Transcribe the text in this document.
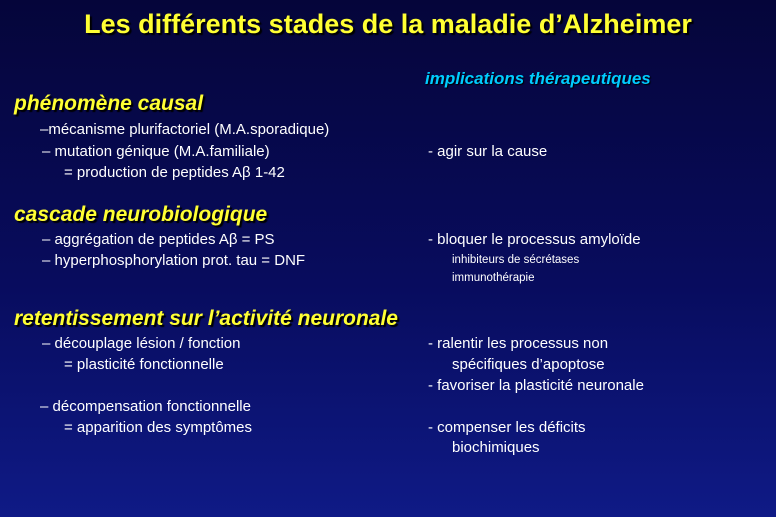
Les différents stades de la maladie d’Alzheimer
implications thérapeutiques
phénomène causal
–mécanisme plurifactoriel (M.A.sporadique)
– mutation génique (M.A.familiale)
= production de peptides Aβ 1-42
- agir sur la cause
cascade neurobiologique
– aggrégation de peptides Aβ = PS
– hyperphosphorylation prot. tau = DNF
- bloquer le processus amyloïde
inhibiteurs de sécrétases
immunothérapie
retentissement sur l’activité neuronale
– découplage lésion / fonction
= plasticité fonctionnelle
– décompensation fonctionnelle
= apparition des symptômes
- ralentir les processus non
spécifiques d’apoptose
- favoriser la plasticité neuronale
- compenser les déficits
biochimiques
